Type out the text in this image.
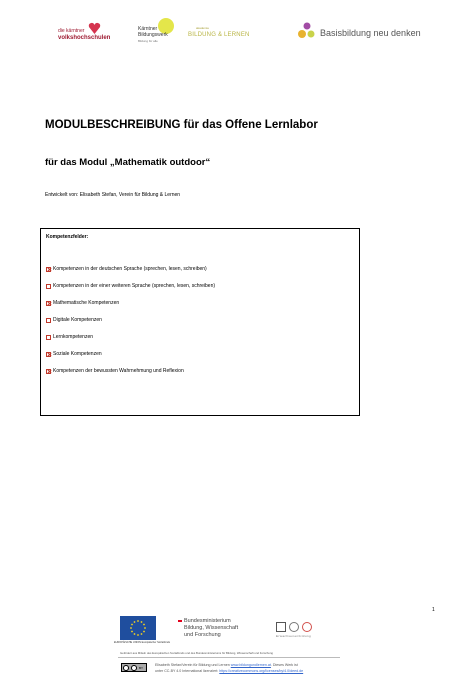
die kärntner
volkshochschulen
Kärntner
Bildungswerk
Bildung für alle
akademie
BILDUNG & LERNEN	Basisbildung neu denken
MODULBESCHREIBUNG für das Offene Lernlabor
für das Modul „Mathematik outdoor“
Entwickelt von: Elisabeth Stefan, Verein für Bildung & Lernen
Kompetenzfelder:
Kompetenzen in der deutschen Sprache (sprechen, lesen, schreiben)
Kompetenzen in der einer weiteren Sprache (sprechen, lesen, schreiben)
Mathematische Kompetenzen
Digitale Kompetenzen
Lernkompetenzen
Soziale Kompetenzen
Kompetenzen der bewussten Wahrnehmung und Reflexion
1
EUROPÄISCHE UNION Europäischer Sozialfonds
Bundesministerium
Bildung, Wissenschaft
und Forschung	Erwachsenenbildung
Gefördert aus Mitteln des Europäischen Sozialfonds und des Bundesministeriums für Bildung, Wissenschaft und Forschung
BY
Elisabeth Stefan/Verein für Bildung und Lernen www.bildungundlernen.at. Dieses Werk ist
unter CC-BY 4.0 International lizenziert: https://creativecommons.org/licenses/by/4.0/deed.de
